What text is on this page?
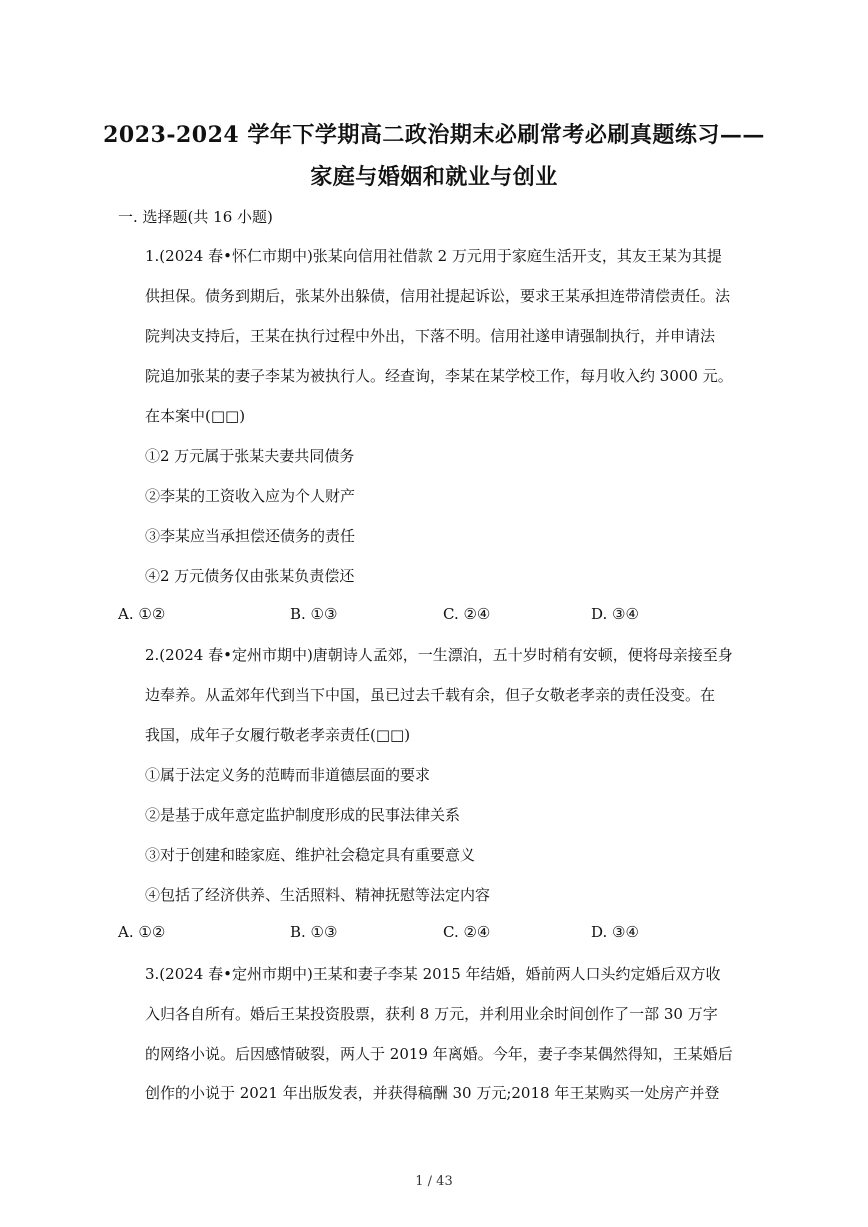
2023-2024 学年下学期高二政治期末必刷常考必刷真题练习——
家庭与婚姻和就业与创业
一. 选择题(共 16 小题)
1.(2024 春•怀仁市期中)张某向信用社借款 2 万元用于家庭生活开支，其友王某为其提
供担保。债务到期后，张某外出躲债，信用社提起诉讼，要求王某承担连带清偿责任。法
院判决支持后，王某在执行过程中外出，下落不明。信用社遂申请强制执行，并申请法
院追加张某的妻子李某为被执行人。经查询，李某在某学校工作，每月收入约 3000 元。
在本案中(□□)
①2 万元属于张某夫妻共同债务
②李某的工资收入应为个人财产
③李某应当承担偿还债务的责任
④2 万元债务仅由张某负责偿还
A. ①②	B. ①③	C. ②④	D. ③④
2.(2024 春•定州市期中)唐朝诗人孟郊，一生漂泊，五十岁时稍有安顿，便将母亲接至身
边奉养。从孟郊年代到当下中国，虽已过去千载有余，但子女敬老孝亲的责任没变。在
我国，成年子女履行敬老孝亲责任(□□)
①属于法定义务的范畴而非道德层面的要求
②是基于成年意定监护制度形成的民事法律关系
③对于创建和睦家庭、维护社会稳定具有重要意义
④包括了经济供养、生活照料、精神抚慰等法定内容
A. ①②	B. ①③	C. ②④	D. ③④
3.(2024 春•定州市期中)王某和妻子李某 2015 年结婚，婚前两人口头约定婚后双方收
入归各自所有。婚后王某投资股票，获利 8 万元，并利用业余时间创作了一部 30 万字
的网络小说。后因感情破裂，两人于 2019 年离婚。今年，妻子李某偶然得知，王某婚后
创作的小说于 2021 年出版发表，并获得稿酬 30 万元;2018 年王某购买一处房产并登
1 / 43
